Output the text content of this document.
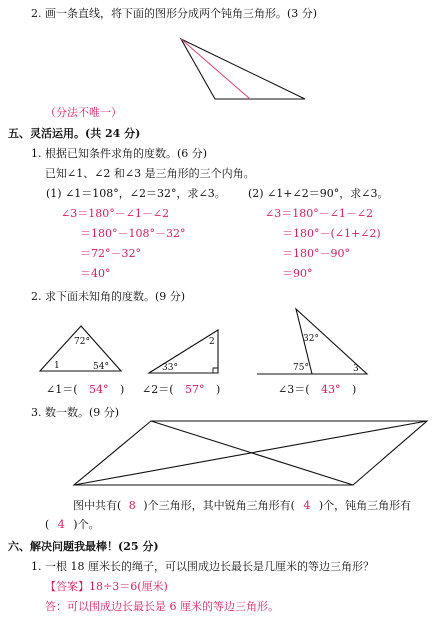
2. 画一条直线，将下面的图形分成两个钝角三角形。(3 分)
72°
1	54°
2
33°
32°
75°	3
（分法不唯一）
五、灵活运用。(共 24 分)
1. 根据已知条件求角的度数。(6 分)
已知∠1、∠2 和∠3 是三角形的三个内角。
(1) ∠1＝108°，∠2＝32°，求∠3。
∠3＝180°－∠1－∠2
＝180°－108°－32°
＝72°－32°
＝40°
(2) ∠1+∠2＝90°，求∠3。
∠3＝180°－∠1－∠2
＝180°－(∠1+∠2)
＝180°－90°
＝90°
2. 求下面未知角的度数。(9 分)
∠1＝( 54° ) ∠2＝( 57° )	∠3＝( 43° )
3. 数一数。(9 分)
图中共有( 8 )个三角形，其中锐角三角形有( 4 )个，钝角三角形有
( 4 )个。
六、解决问题我最棒！(25 分)
1. 一根 18 厘米长的绳子，可以围成边长最长是几厘米的等边三角形？
【答案】18÷3＝6(厘米)
答：可以围成边长最长是 6 厘米的等边三角形。
